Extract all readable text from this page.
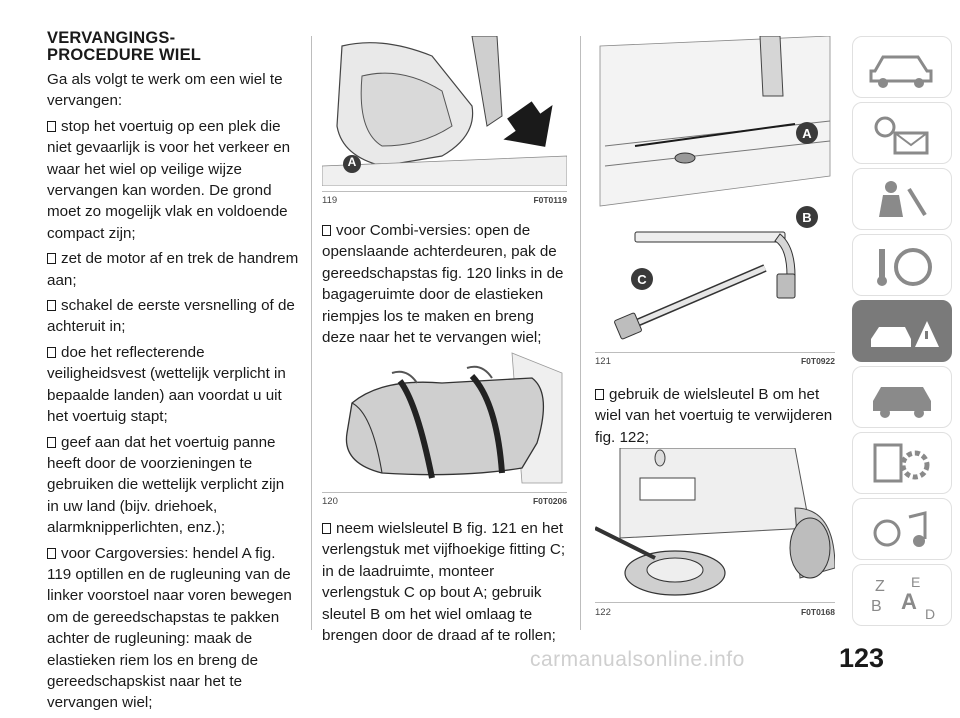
VERVANGINGS-
PROCEDURE WIEL
Ga als volgt te werk om een wiel te vervangen:
stop het voertuig op een plek die niet gevaarlijk is voor het verkeer en waar het wiel op veilige wijze vervangen kan worden. De grond moet zo mogelijk vlak en voldoende compact zijn;
zet de motor af en trek de handrem aan;
schakel de eerste versnelling of de achteruit in;
doe het reflecterende veiligheidsvest (wettelijk verplicht in bepaalde landen) aan voordat u uit het voertuig stapt;
geef aan dat het voertuig panne heeft door de voorzieningen te gebruiken die wettelijk verplicht zijn in uw land (bijv. driehoek, alarmknipperlichten, enz.);
voor Cargoversies: hendel A fig. 119 optillen en de rugleuning van de linker voorstoel naar voren bewegen om de gereedschapstas te pakken achter de rugleuning: maak de elastieken riem los en breng de gereedschapskist naar het te vervangen wiel;
A
119	F0T0119
120	F0T0206
A
B
C
121	F0T0922
122	F0T0168
voor Combi-versies: open de openslaande achterdeuren, pak de gereedschapstas fig. 120 links in de bagageruimte door de elastieken riempjes los te maken en breng deze naar het te vervangen wiel;
neem wielsleutel B fig. 121 en het verlengstuk met vijfhoekige fitting C; in de laadruimte, monteer verlengstuk C op bout A; gebruik sleutel B om het wiel omlaag te brengen door de draad af te rollen;
gebruik de wielsleutel B om het wiel van het voertuig te verwijderen fig. 122;
Z E
B A D
carmanualsonline.info	123
